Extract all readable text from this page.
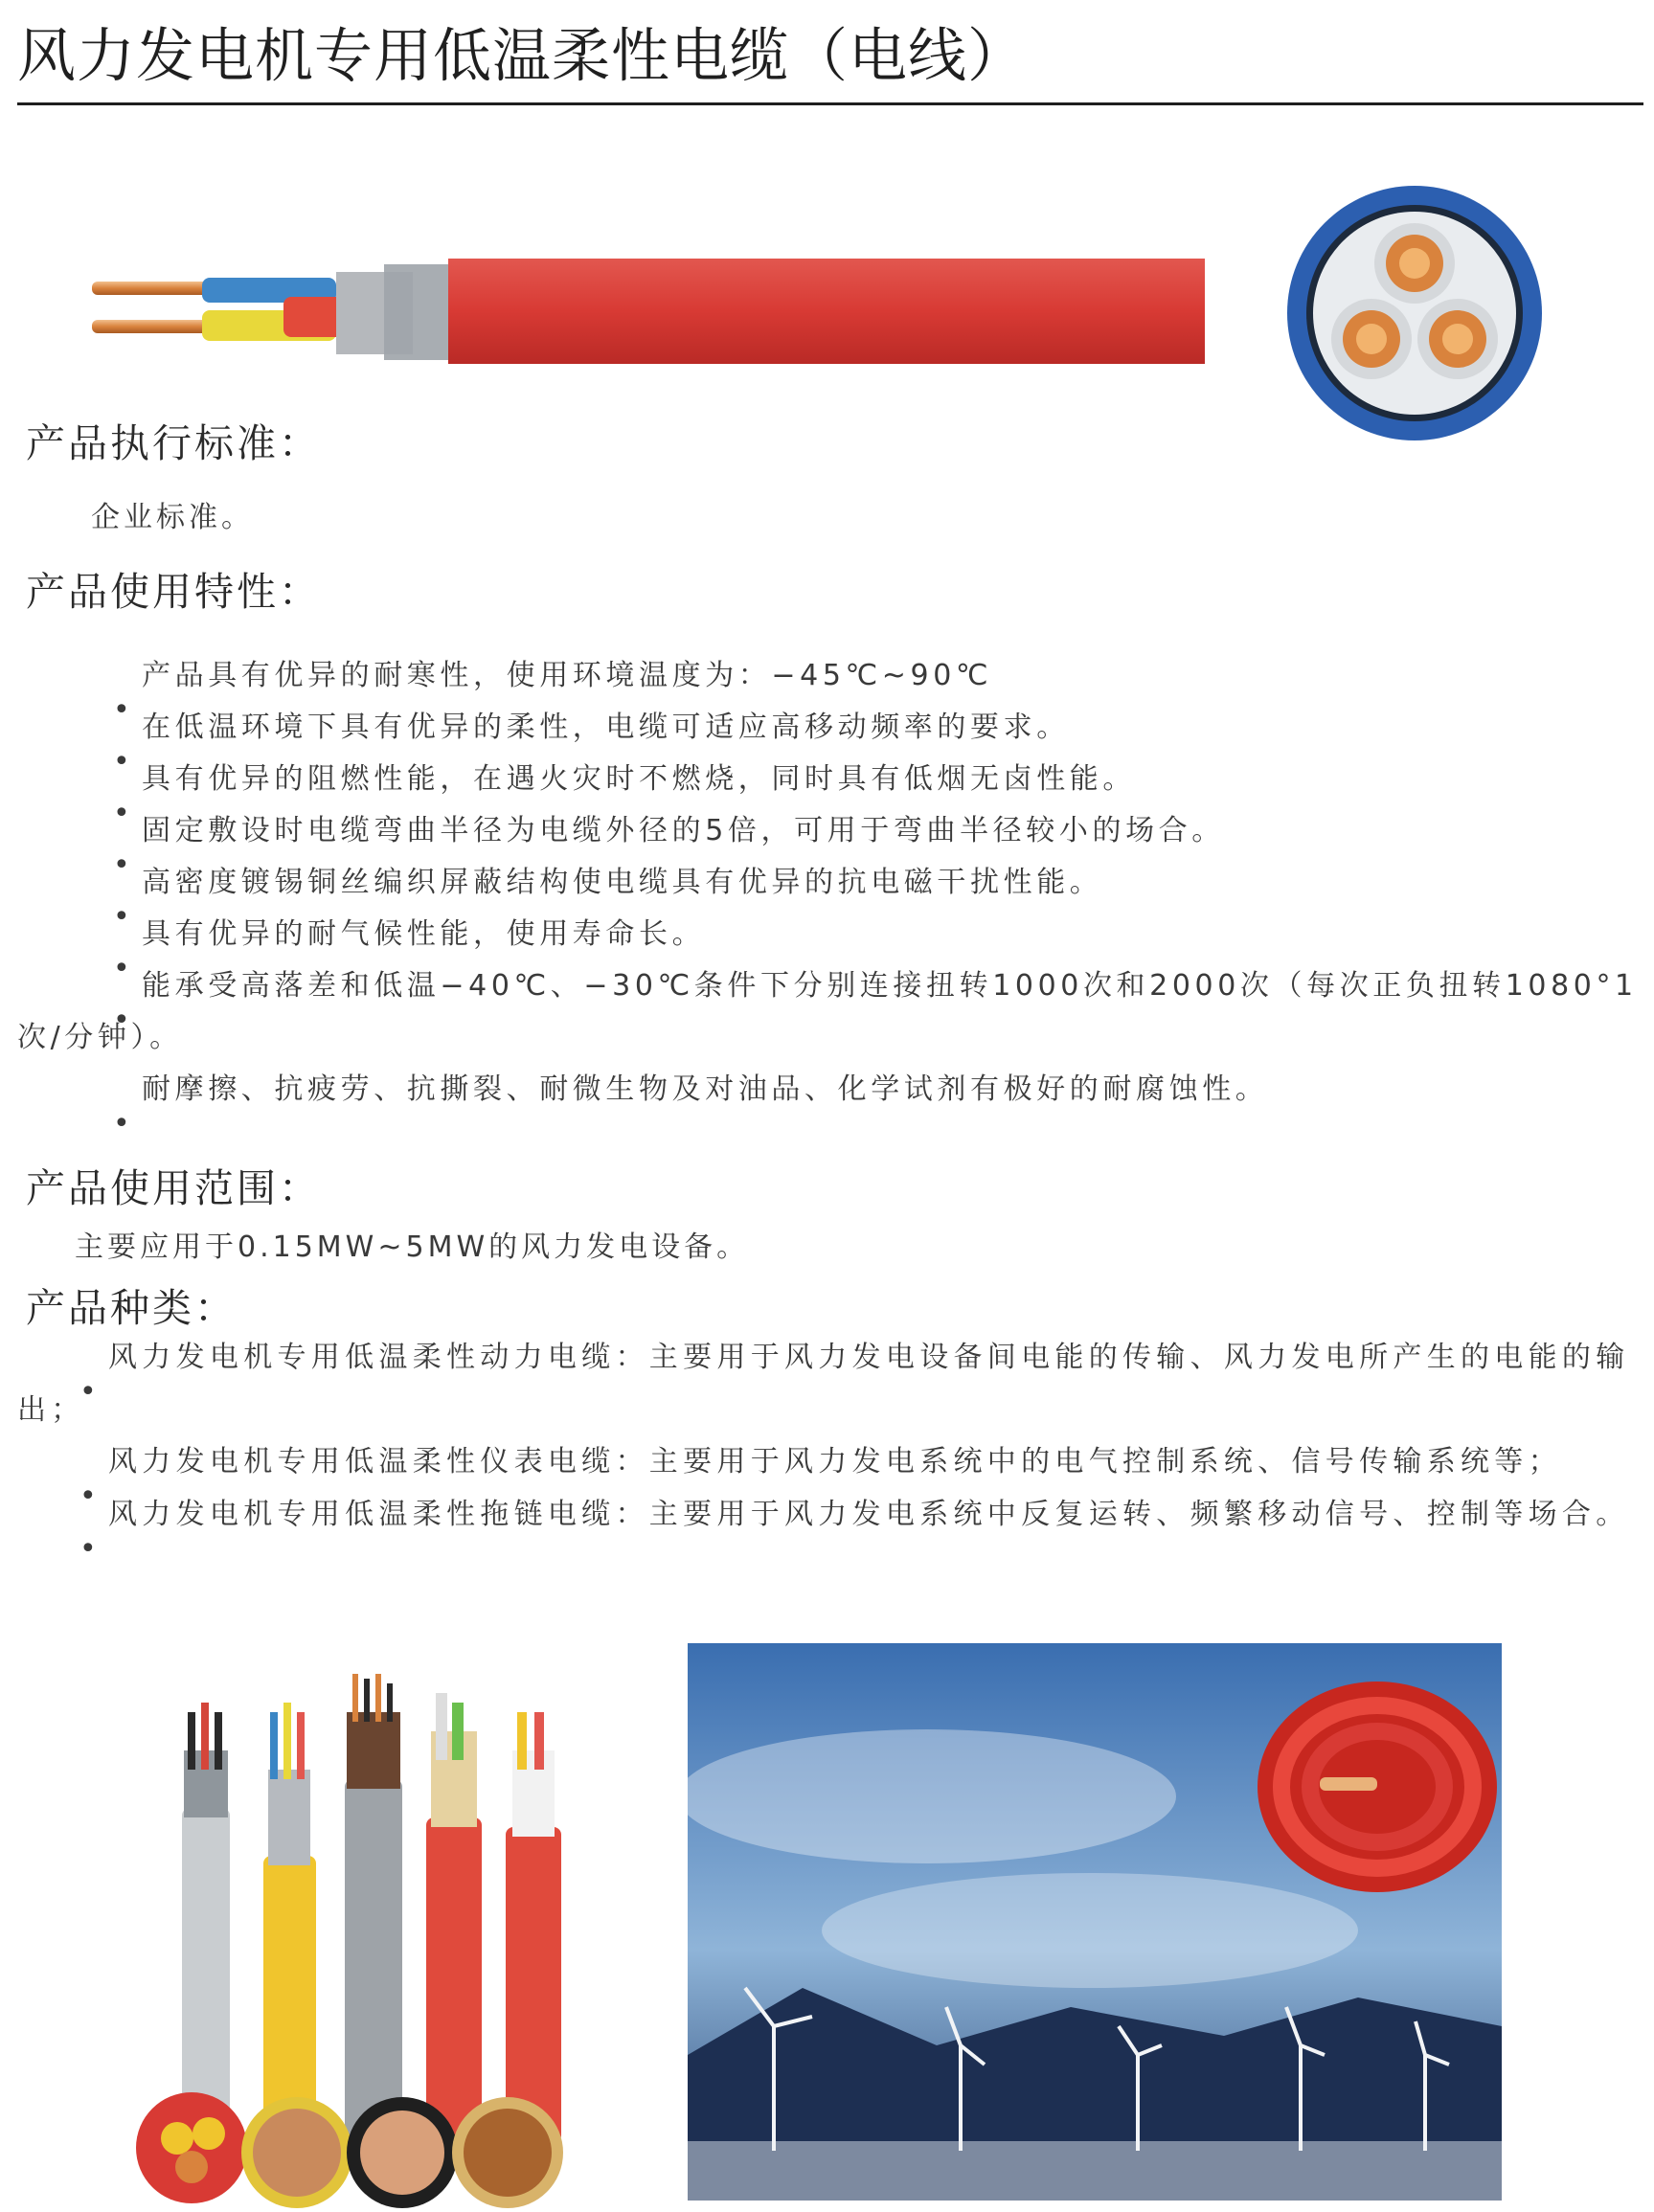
风力发电机专用低温柔性电缆（电线）
产品执行标准：

企业标准。

产品使用特性：
产品具有优异的耐寒性，使用环境温度为：−45℃~90℃
在低温环境下具有优异的柔性，电缆可适应高移动频率的要求。
具有优异的阻燃性能，在遇火灾时不燃烧，同时具有低烟无卤性能。
固定敷设时电缆弯曲半径为电缆外径的5倍，可用于弯曲半径较小的场合。
高密度镀锡铜丝编织屏蔽结构使电缆具有优异的抗电磁干扰性能。
具有优异的耐气候性能，使用寿命长。
能承受高落差和低温−40℃、−30℃条件下分别连接扭转1000次和2000次（每次正负扭转1080°1次/分钟）。
耐摩擦、抗疲劳、抗撕裂、耐微生物及对油品、化学试剂有极好的耐腐蚀性。
产品使用范围：

主要应用于0.15MW~5MW的风力发电设备。

产品种类：
风力发电机专用低温柔性动力电缆：主要用于风力发电设备间电能的传输、风力发电所产生的电能的输出；
风力发电机专用低温柔性仪表电缆：主要用于风力发电系统中的电气控制系统、信号传输系统等；
风力发电机专用低温柔性拖链电缆：主要用于风力发电系统中反复运转、频繁移动信号、控制等场合。
